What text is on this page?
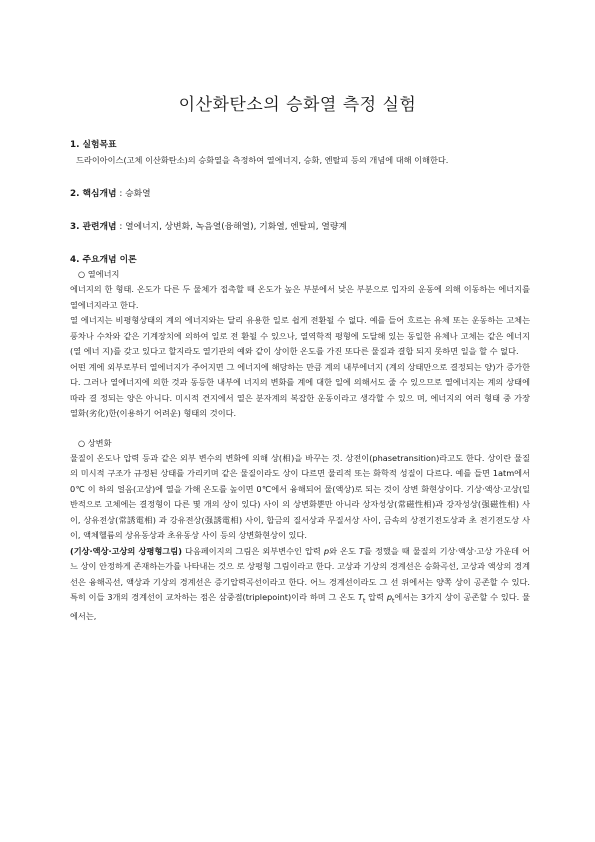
이산화탄소의 승화열 측정 실험

1. 실험목표

드라이아이스(고체 이산화탄소)의 승화열을 측정하여 열에너지, 승화, 엔탈피 등의 개념에 대해 이해한다.

2. 핵심개념 : 승화열

3. 관련개념 : 열에너지, 상변화, 녹음열(융해열), 기화열, 엔탈피, 열량계

4. 주요개념 이론

○ 열에너지

에너지의 한 형태. 온도가 다른 두 물체가 접촉할 때 온도가 높은 부분에서 낮은 부분으로 입자의 운동에 의해 이동하는 에너지를 열에너지라고 한다.

열 에너지는 비평형상태의 계의 에너지와는 달리 유용한 일로 쉽게 전환될 수 없다. 예를 들어 흐르는 유체 또는 운동하는 고체는 풍차나 수차와 같은 기계장치에 의하여 일로 전 환될 수 있으나, 열역학적 평형에 도달해 있는 동일한 유체나 고체는 같은 에너지(열 에너 지)를 갖고 있다고 할지라도 열기관의 예와 같이 상이한 온도를 가진 또다른 물질과 결합 되지 못하면 일을 할 수 없다.

어떤 계에 외부로부터 열에너지가 주어지면 그 에너지에 해당하는 만큼 계의 내부에너지 (계의 상태만으로 결정되는 양)가 증가한다. 그러나 열에너지에 의한 것과 동등한 내부에 너지의 변화를 계에 대한 일에 의해서도 줄 수 있으므로 열에너지는 계의 상태에 따라 결 정되는 양은 아니다. 미시적 견지에서 열은 분자계의 복잡한 운동이라고 생각할 수 있으 며, 에너지의 여러 형태 중 가장 열화(劣化)한(이용하기 어려운) 형태의 것이다.

○ 상변화

물질이 온도나 압력 등과 같은 외부 변수의 변화에 의해 상(相)을 바꾸는 것. 상전이(phasetransition)라고도 한다. 상이란 물질의 미시적 구조가 규정된 상태를 가리키며 같은 물질이라도 상이 다르면 물리적 또는 화학적 성질이 다르다. 예를 들면 1atm에서 0℃ 이 하의 얼음(고상)에 열을 가해 온도를 높이면 0℃에서 융해되어 물(액상)로 되는 것이 상변 화현상이다. 기상·액상·고상(일반적으로 고체에는 결정형이 다른 몇 개의 상이 있다) 사이 의 상변화뿐만 아니라 상자성상(常磁性相)과 강자성상(强磁性相) 사이, 상유전상(常誘電相) 과 강유전상(强誘電相) 사이, 합금의 질서상과 무질서상 사이, 금속의 상전기전도상과 초 전기전도상 사이, 액체헬륨의 상유동상과 초유동상 사이 등의 상변화현상이 있다.

(기상·액상·고상의 상평형그림) 다음페이지의 그림은 외부변수인 압력 p와 온도 T를 정했을 때 물질의 기상·액상·고상 가운데 어느 상이 안정하게 존재하는가를 나타내는 것으 로 상평형 그림이라고 한다. 고상과 기상의 경계선은 승화곡선, 고상과 액상의 경계선은 융해곡선, 액상과 기상의 경계선은 증기압력곡선이라고 한다. 어느 경계선이라도 그 선 위에서는 양쪽 상이 공존할 수 있다. 특히 이들 3개의 경계선이 교차하는 점은 삼중점(triplepoint)이라 하며 그 온도 $T_t$ 압력 $p_t$에서는 3가지 상이 공존할 수 있다. 물에서는,
